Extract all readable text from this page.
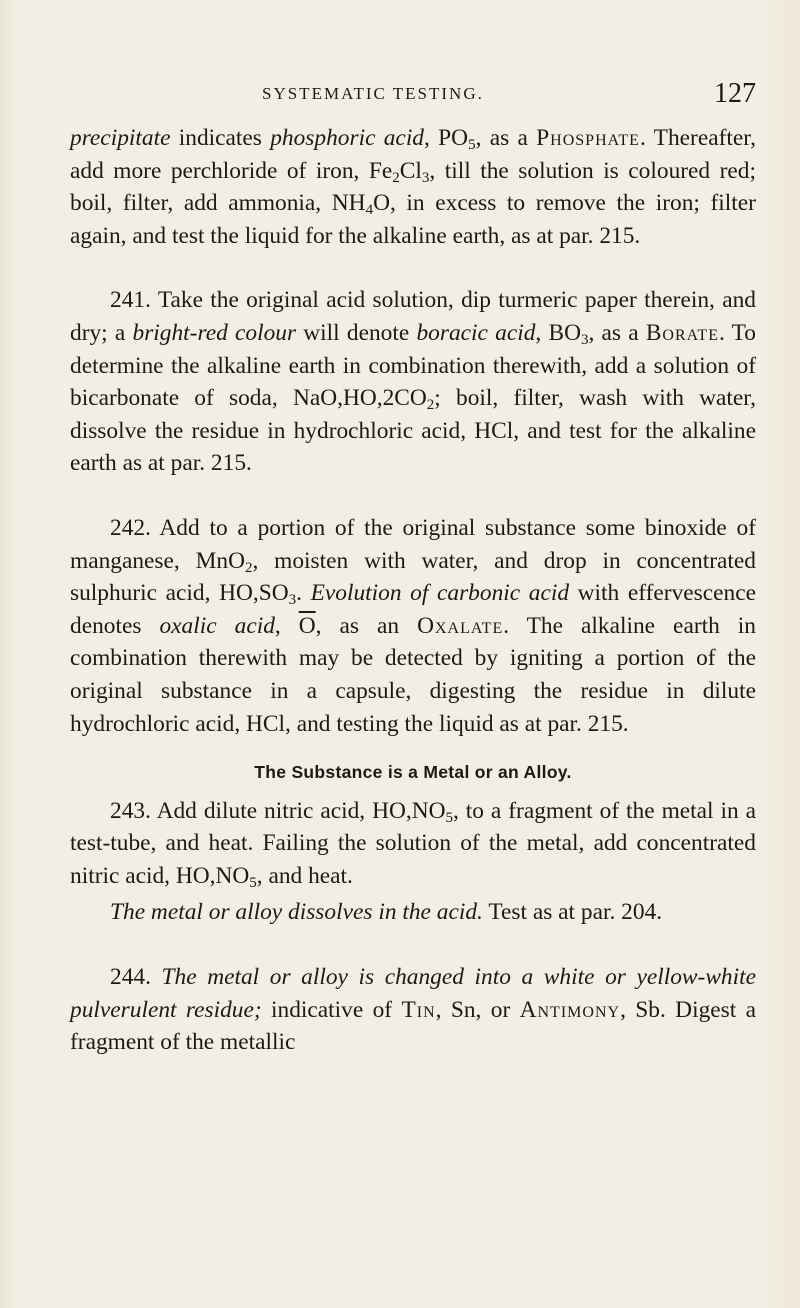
SYSTEMATIC TESTING.	127

precipitate indicates phosphoric acid, $PO_5$, as a Phosphate. Thereafter, add more perchloride of iron, $Fe_2Cl_3$, till the solution is coloured red; boil, filter, add ammonia, $NH_4O$, in excess to remove the iron; filter again, and test the liquid for the alkaline earth, as at par. 215.

241. Take the original acid solution, dip turmeric paper therein, and dry; a bright-red colour will denote boracic acid, $BO_3$, as a Borate. To determine the alkaline earth in combination therewith, add a solution of bicarbonate of soda, $NaO,HO,2CO_2$; boil, filter, wash with water, dissolve the residue in hydrochloric acid, HCl, and test for the alkaline earth as at par. 215.

242. Add to a portion of the original substance some binoxide of manganese, MnO$_2$, moisten with water, and drop in concentrated sulphuric acid, $HO,SO_3$. Evolution of carbonic acid with effervescence denotes oxalic acid, $\overline{O}$, as an Oxalate. The alkaline earth in combination therewith may be detected by igniting a portion of the original substance in a capsule, digesting the residue in dilute hydrochloric acid, HCl, and testing the liquid as at par. 215.

The Substance is a Metal or an Alloy.

243. Add dilute nitric acid, $HO,NO_5$, to a fragment of the metal in a test-tube, and heat. Failing the solution of the metal, add concentrated nitric acid, $HO,NO_5$, and heat.

The metal or alloy dissolves in the acid. Test as at par. 204.

244. The metal or alloy is changed into a white or yellow-white pulverulent residue; indicative of Tin, Sn, or Antimony, Sb. Digest a fragment of the metallic
